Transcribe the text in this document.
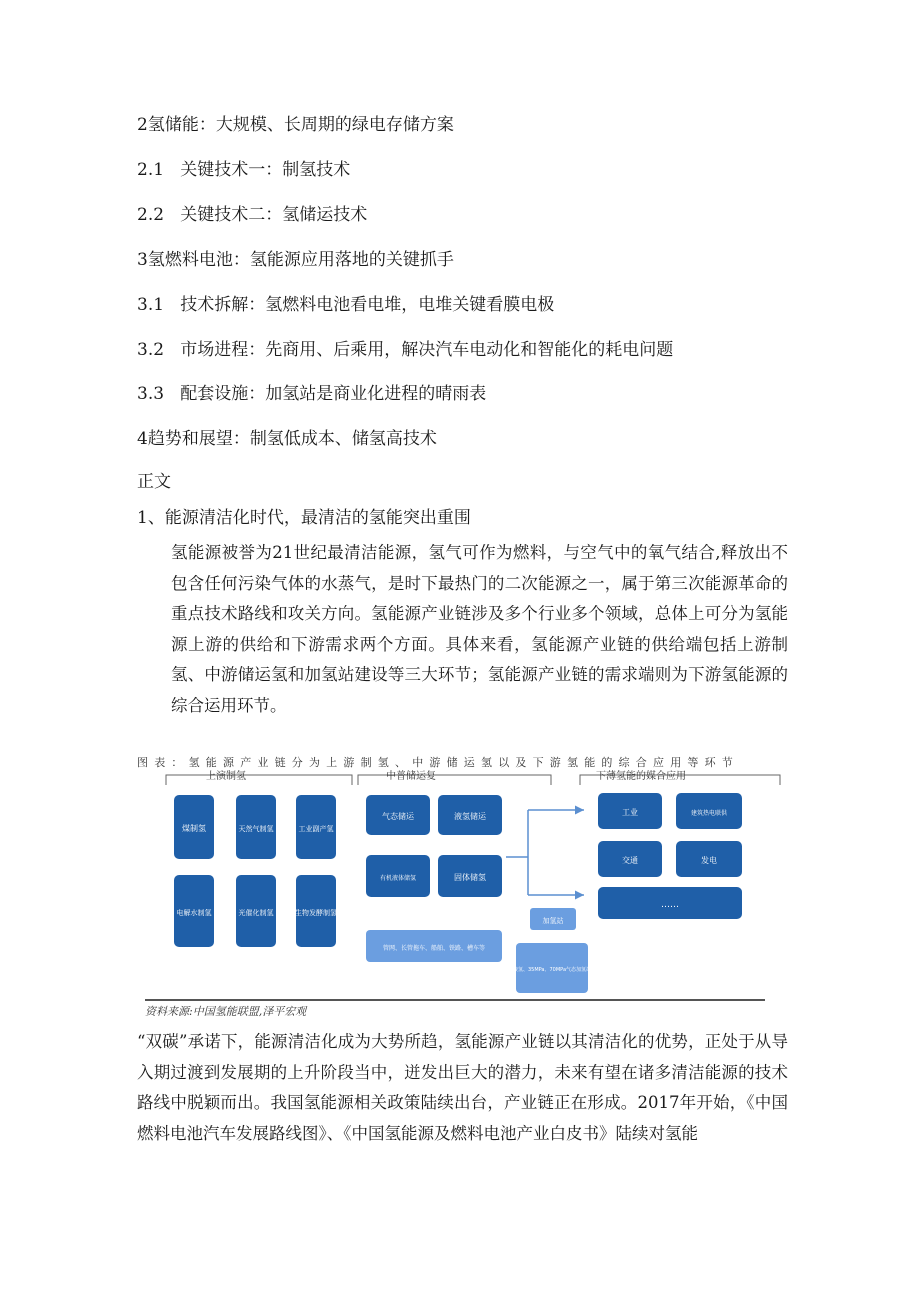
2氢储能：大规模、长周期的绿电存储方案
2.1 关键技术一：制氢技术
2.2 关键技术二：氢储运技术
3氢燃料电池：氢能源应用落地的关键抓手
3.1 技术拆解：氢燃料电池看电堆，电堆关键看膜电极
3.2 市场进程：先商用、后乘用，解决汽车电动化和智能化的耗电问题
3.3 配套设施：加氢站是商业化进程的晴雨表
4趋势和展望：制氢低成本、储氢高技术
正文
1、能源清洁化时代，最清洁的氢能突出重围
氢能源被誉为21世纪最清洁能源，氢气可作为燃料，与空气中的氧气结合,释放出不包含任何污染气体的水蒸气，是时下最热门的二次能源之一，属于第三次能源革命的重点技术路线和攻关方向。氢能源产业链涉及多个行业多个领域，总体上可分为氢能源上游的供给和下游需求两个方面。具体来看，氢能源产业链的供给端包括上游制氢、中游储运氢和加氢站建设等三大环节；氢能源产业链的需求端则为下游氢能源的综合运用环节。
图表：氢能源产业链分为上游制氢、中游储运氢以及下游氢能的综合应用等环节
上演制氢	中普储运复	下薄氢能的媒合应用
煤制氢	天然气制氢	工业副产氢
电解水制氢	光催化制氢	生物发酵制氢
气态储运	液氢储运
有机液体储氢	固体储氢
管网、长管拖车、船舶、铁路、槽车等
加氢站
液氢、35MPa、70MPa气态加氢站
工业	建筑热电联供
交通	发电
……
资料来源:中国氢能联盟,泽平宏观
“双碳”承诺下，能源清洁化成为大势所趋，氢能源产业链以其清洁化的优势，正处于从导入期过渡到发展期的上升阶段当中，迸发出巨大的潜力，未来有望在诸多清洁能源的技术路线中脱颖而出。我国氢能源相关政策陆续出台，产业链正在形成。2017年开始，《中国燃料电池汽车发展路线图》、《中国氢能源及燃料电池产业白皮书》陆续对氢能
